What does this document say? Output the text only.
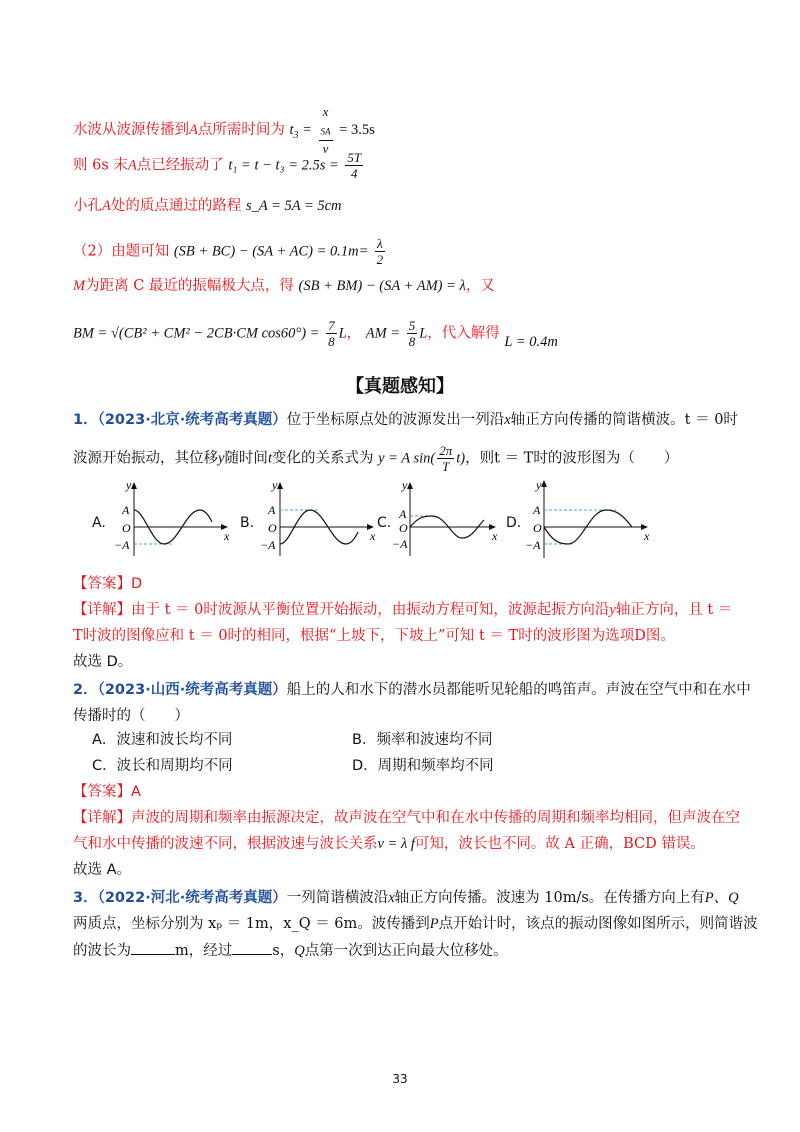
水波从波源传播到A点所需时间为 $t_3 = x$
$_{SA}$
v = 3.5s
则 6s 末A点已经振动了 $t_1 = t - t_3 = 2.5s = \frac{5T}{4}$
小孔A处的质点通过的路程 s_A = 5A = 5cm
（2）由题可知 $(SB + BC) - (SA + AC) = 0.1m= \frac{\lambda}{2}$
M为距离 C 最近的振幅极大点，得 (SB + BM) − (SA + AM) = λ，又
BM = √(CB² + CM² − 2CB·CM $\cos 60^\circ) = \frac{7}{8}$ L， AM = $\frac{5}{8}$ L，代入解得 L = 0.4m
【真题感知】
1．（2023·北京·统考高考真题）位于坐标原点处的波源发出一列沿x轴正方向传播的简谐横波。t ＝ 0时
波源开始振动，其位移y随时间t变化的关系式为 y = A $\sin( \frac{2\pi}{T} t)$，则t ＝ T时的波形图为（　　）
A.	B.	C.	D.
y
x
A
O
−A
y
x
A
O
−A
y
x
A
O
−A
y
x
A
O
−A
【答案】D
【详解】由于 t ＝ 0时波源从平衡位置开始振动，由振动方程可知，波源起振方向沿y轴正方向，且 t ＝
T时波的图像应和 t ＝ 0时的相同，根据“上坡下，下坡上”可知 t ＝ T时的波形图为选项D图。
故选 D。
2．（2023·山西·统考高考真题）船上的人和水下的潜水员都能听见轮船的鸣笛声。声波在空气中和在水中
传播时的（　　）
A．波速和波长均不同	B．频率和波速均不同
C．波长和周期均不同	D．周期和频率均不同
【答案】A
【详解】声波的周期和频率由振源决定，故声波在空气中和在水中传播的周期和频率均相同，但声波在空
气和水中传播的波速不同，根据波速与波长关系v = λ f可知，波长也不同。故 A 正确，BCD 错误。
故选 A。
3．（2022·河北·统考高考真题）一列简谐横波沿x轴正方向传播。波速为 10m/s。在传播方向上有P、Q
两质点，坐标分别为 xₚ ＝ 1m，x_Q ＝ 6m。波传播到P点开始计时，该点的振动图像如图所示，则简谐波
的波长为	m，经过	s，Q点第一次到达正向最大位移处。
33
